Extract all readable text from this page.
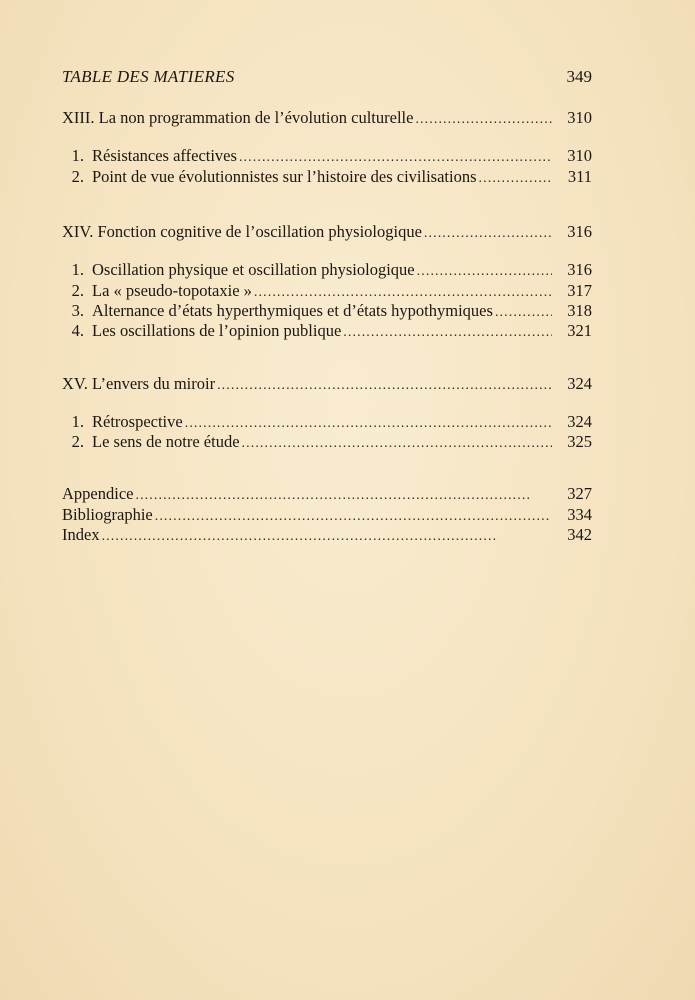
TABLE DES MATIERES	349
XIII. La non programmation de l’évolution culturelle . . .	310
1. Résistances affectives . . .	310
2. Point de vue évolutionnistes sur l’histoire des civilisations . . .	311
XIV. Fonction cognitive de l’oscillation physiologique . . .	316
1. Oscillation physique et oscillation physiologique . . .	316
2. La « pseudo-topotaxie » . . .	317
3. Alternance d’états hyperthymiques et d’états hypothymiques . . .	318
4. Les oscillations de l’opinion publique . . .	321
XV. L’envers du miroir . . .	324
1. Rétrospective . . .	324
2. Le sens de notre étude . . .	325
Appendice . . .	327
Bibliographie . . .	334
Index . . .	342
